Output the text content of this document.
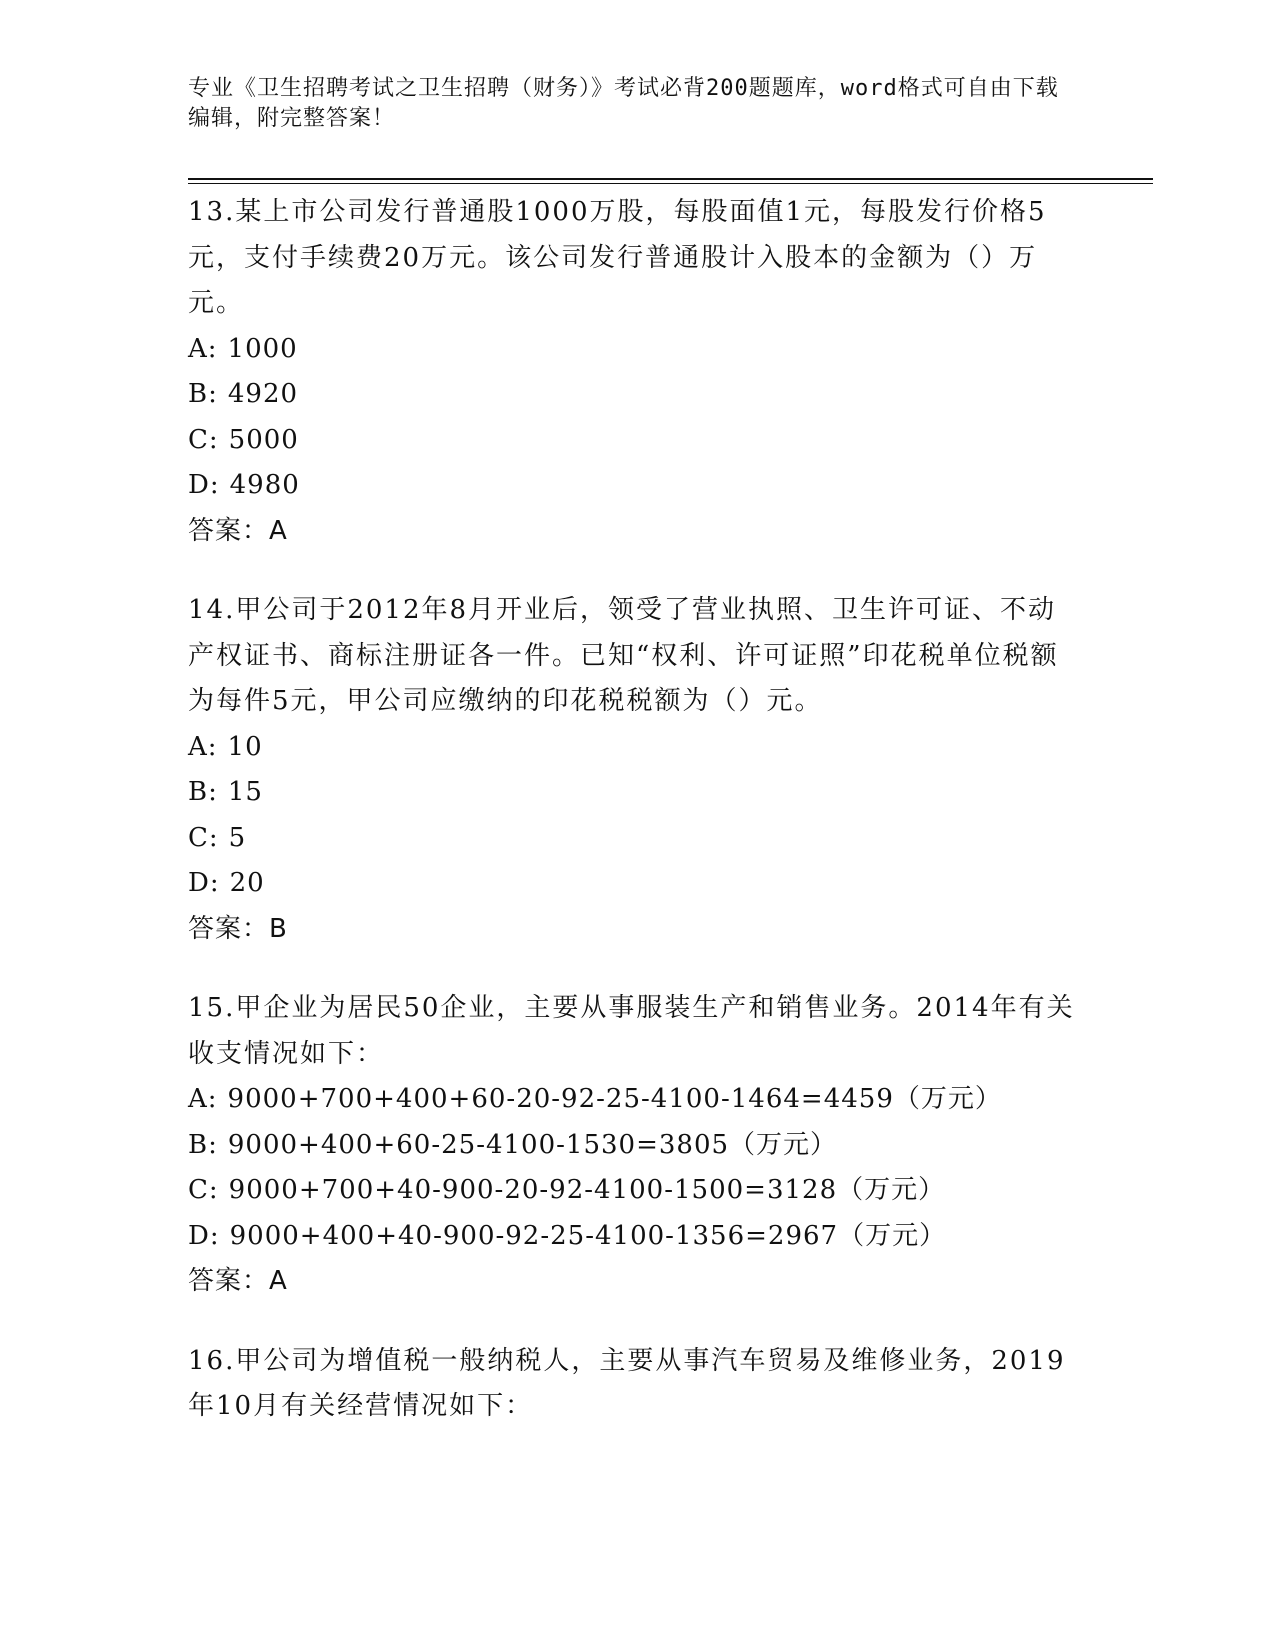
专业《卫生招聘考试之卫生招聘（财务）》考试必背200题题库，word格式可自由下载编辑，附完整答案！
13.某上市公司发行普通股1000万股，每股面值1元，每股发行价格5元，支付手续费20万元。该公司发行普通股计入股本的金额为（）万元。
A: 1000
B: 4920
C: 5000
D: 4980
答案：A
14.甲公司于2012年8月开业后，领受了营业执照、卫生许可证、不动产权证书、商标注册证各一件。已知“权利、许可证照”印花税单位税额为每件5元，甲公司应缴纳的印花税税额为（）元。
A: 10
B: 15
C: 5
D: 20
答案：B
15.甲企业为居民50企业，主要从事服装生产和销售业务。2014年有关收支情况如下：
A: 9000+700+400+60-20-92-25-4100-1464=4459（万元）
B: 9000+400+60-25-4100-1530=3805（万元）
C: 9000+700+40-900-20-92-4100-1500=3128（万元）
D: 9000+400+40-900-92-25-4100-1356=2967（万元）
答案：A
16.甲公司为增值税一般纳税人，主要从事汽车贸易及维修业务，2019年10月有关经营情况如下：
